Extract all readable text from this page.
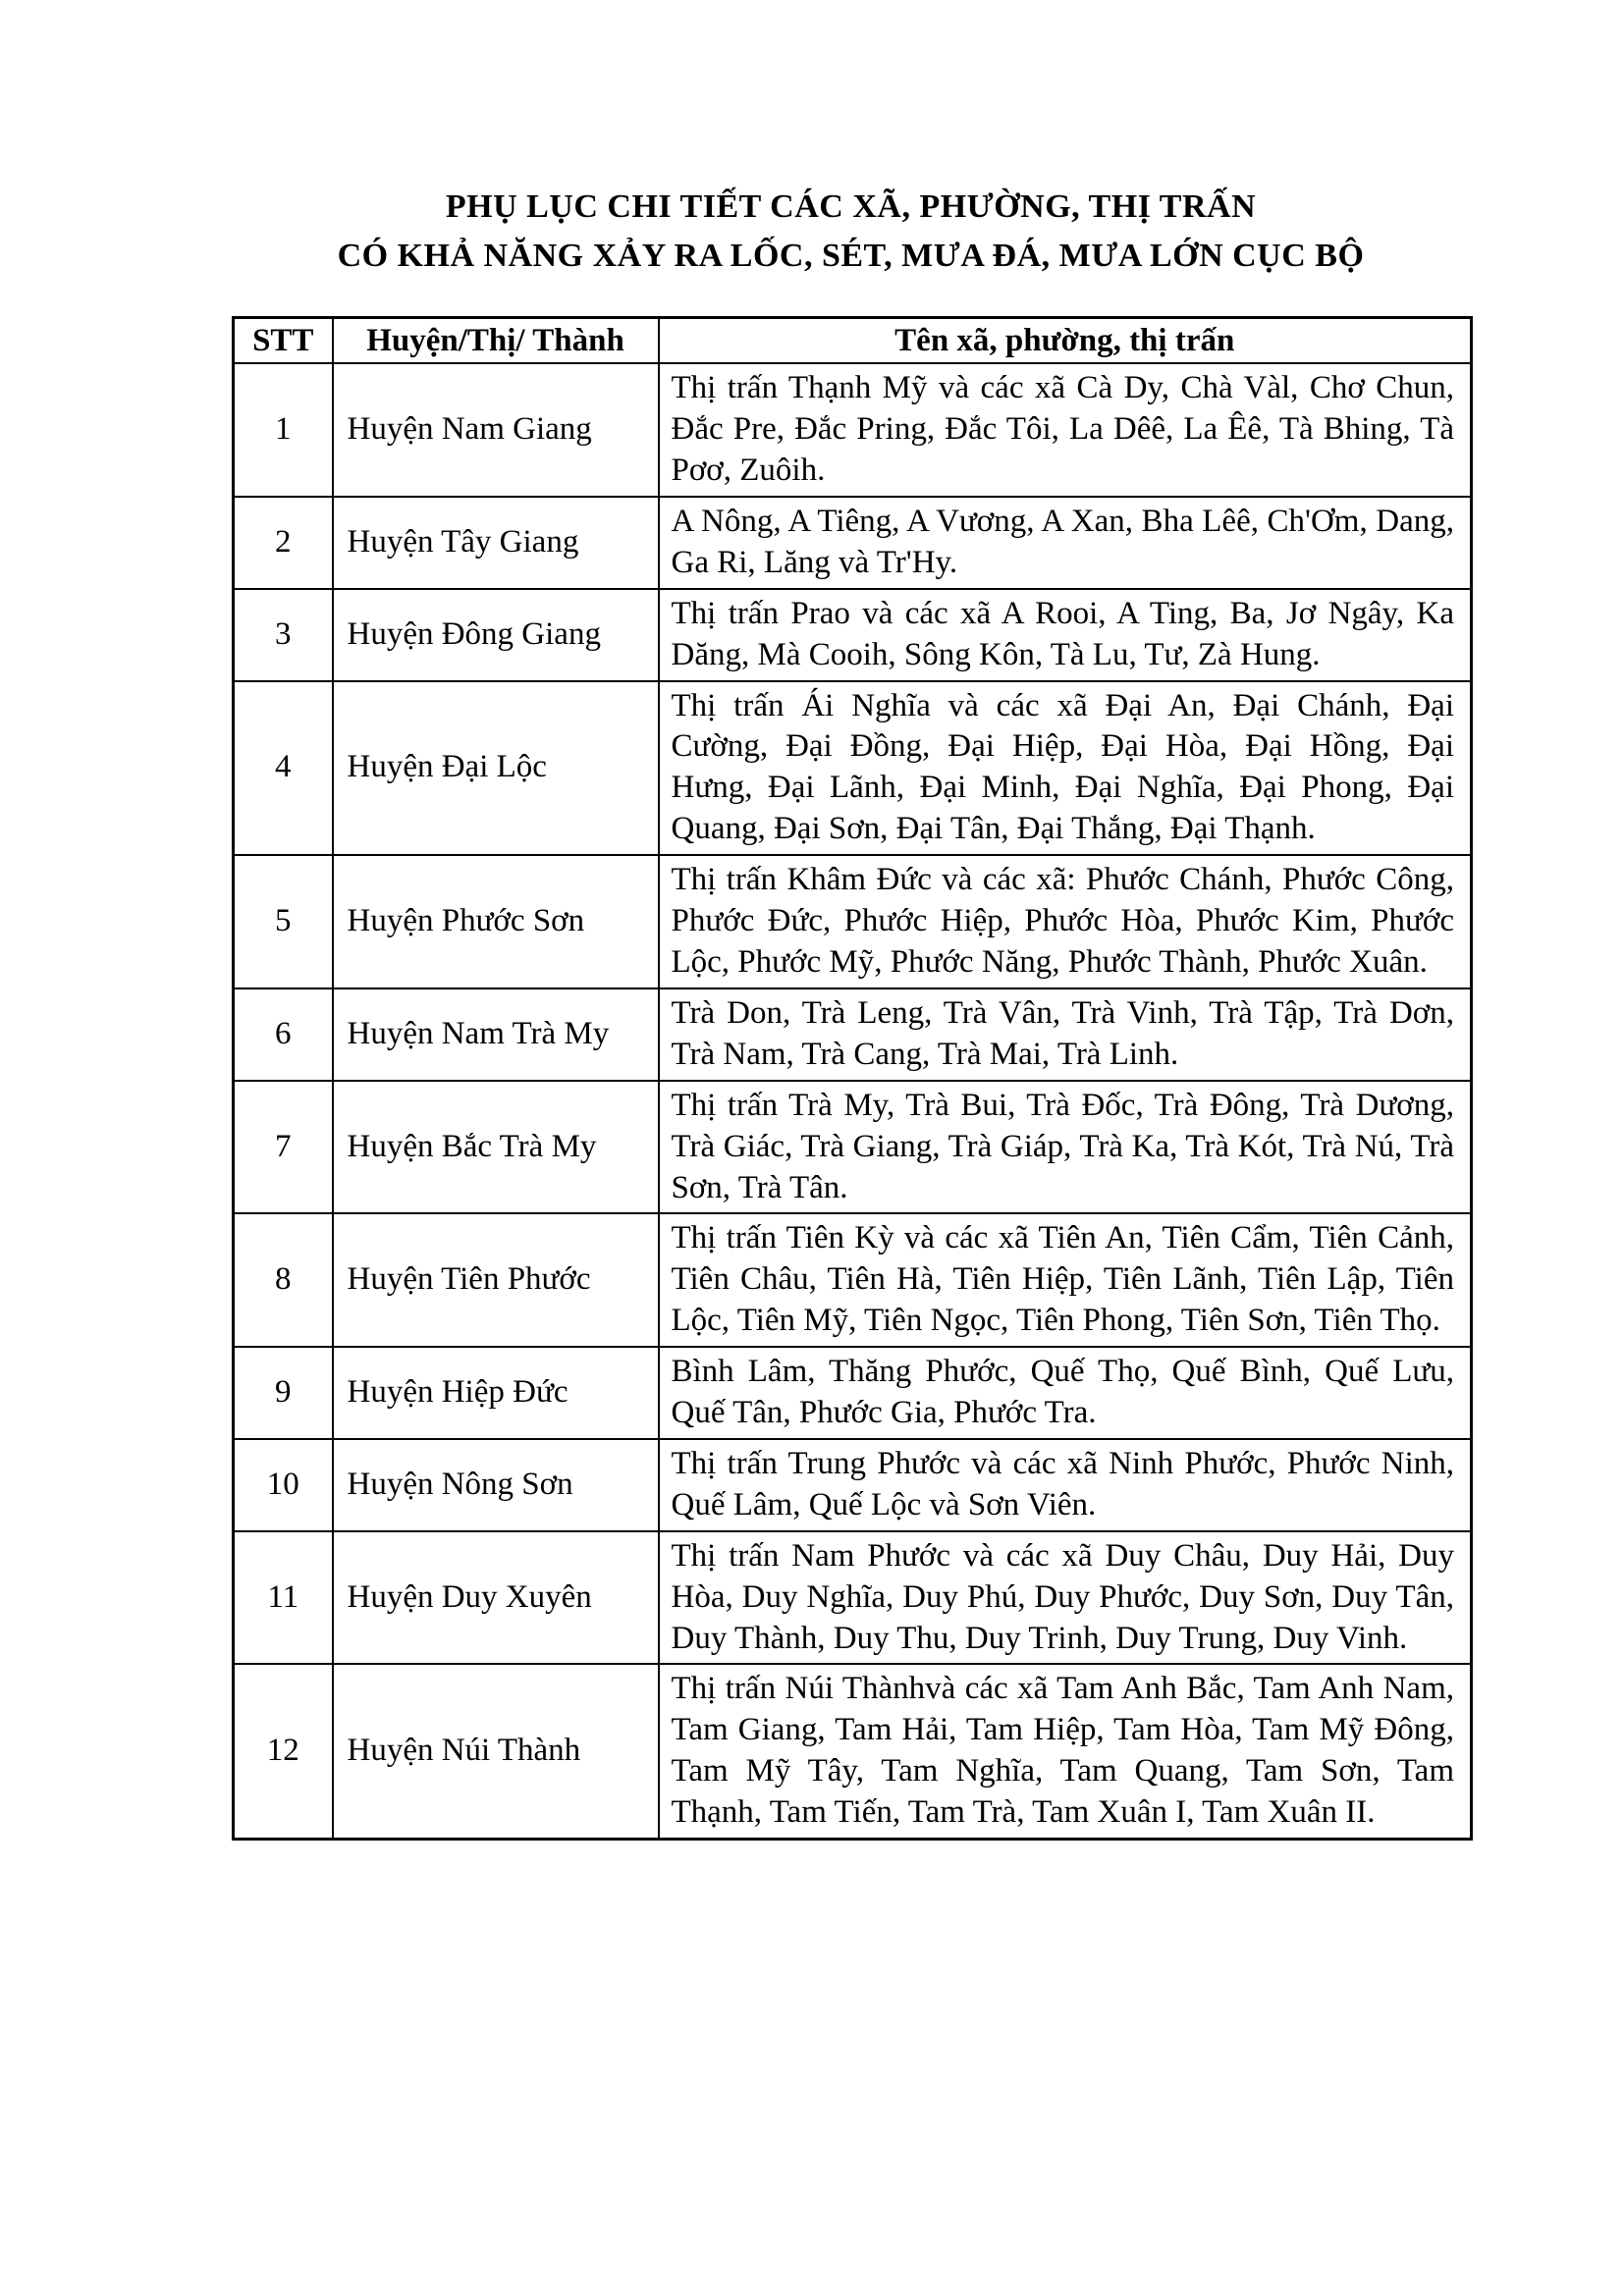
PHỤ LỤC CHI TIẾT CÁC XÃ, PHƯỜNG, THỊ TRẤN
CÓ KHẢ NĂNG XẢY RA LỐC, SÉT, MƯA ĐÁ, MƯA LỚN CỤC BỘ
STT	Huyện/Thị/ Thành	Tên xã, phường, thị trấn
1	Huyện Nam Giang	Thị trấn Thạnh Mỹ và các xã Cà Dy, Chà Vàl, Chơ Chun, Đắc Pre, Đắc Pring, Đắc Tôi, La Dêê, La Êê, Tà Bhing, Tà Pơơ, Zuôih.
2	Huyện Tây Giang	A Nông, A Tiêng, A Vương, A Xan, Bha Lêê, Ch'Ơm, Dang, Ga Ri, Lăng và Tr'Hy.
3	Huyện Đông Giang	Thị trấn Prao và các xã A Rooi, A Ting, Ba, Jơ Ngây, Ka Dăng, Mà Cooih, Sông Kôn, Tà Lu, Tư, Zà Hung.
4	Huyện Đại Lộc	Thị trấn Ái Nghĩa và các xã Đại An, Đại Chánh, Đại Cường, Đại Đồng, Đại Hiệp, Đại Hòa, Đại Hồng, Đại Hưng, Đại Lãnh, Đại Minh, Đại Nghĩa, Đại Phong, Đại Quang, Đại Sơn, Đại Tân, Đại Thắng, Đại Thạnh.
5	Huyện Phước Sơn	Thị trấn Khâm Đức và các xã: Phước Chánh, Phước Công, Phước Đức, Phước Hiệp, Phước Hòa, Phước Kim, Phước Lộc, Phước Mỹ, Phước Năng, Phước Thành, Phước Xuân.
6	Huyện Nam Trà My	Trà Don, Trà Leng, Trà Vân, Trà Vinh, Trà Tập, Trà Dơn, Trà Nam, Trà Cang, Trà Mai, Trà Linh.
7	Huyện Bắc Trà My	Thị trấn Trà My, Trà Bui, Trà Đốc, Trà Đông, Trà Dương, Trà Giác, Trà Giang, Trà Giáp, Trà Ka, Trà Kót, Trà Nú, Trà Sơn, Trà Tân.
8	Huyện Tiên Phước	Thị trấn Tiên Kỳ và các xã Tiên An, Tiên Cẩm, Tiên Cảnh, Tiên Châu, Tiên Hà, Tiên Hiệp, Tiên Lãnh, Tiên Lập, Tiên Lộc, Tiên Mỹ, Tiên Ngọc, Tiên Phong, Tiên Sơn, Tiên Thọ.
9	Huyện Hiệp Đức	Bình Lâm, Thăng Phước, Quế Thọ, Quế Bình, Quế Lưu, Quế Tân, Phước Gia, Phước Tra.
10	Huyện Nông Sơn	Thị trấn Trung Phước và các xã Ninh Phước, Phước Ninh, Quế Lâm, Quế Lộc và Sơn Viên.
11	Huyện Duy Xuyên	Thị trấn Nam Phước và các xã Duy Châu, Duy Hải, Duy Hòa, Duy Nghĩa, Duy Phú, Duy Phước, Duy Sơn, Duy Tân, Duy Thành, Duy Thu, Duy Trinh, Duy Trung, Duy Vinh.
12	Huyện Núi Thành	Thị trấn Núi Thànhvà các xã Tam Anh Bắc, Tam Anh Nam, Tam Giang, Tam Hải, Tam Hiệp, Tam Hòa, Tam Mỹ Đông, Tam Mỹ Tây, Tam Nghĩa, Tam Quang, Tam Sơn, Tam Thạnh, Tam Tiến, Tam Trà, Tam Xuân I, Tam Xuân II.
